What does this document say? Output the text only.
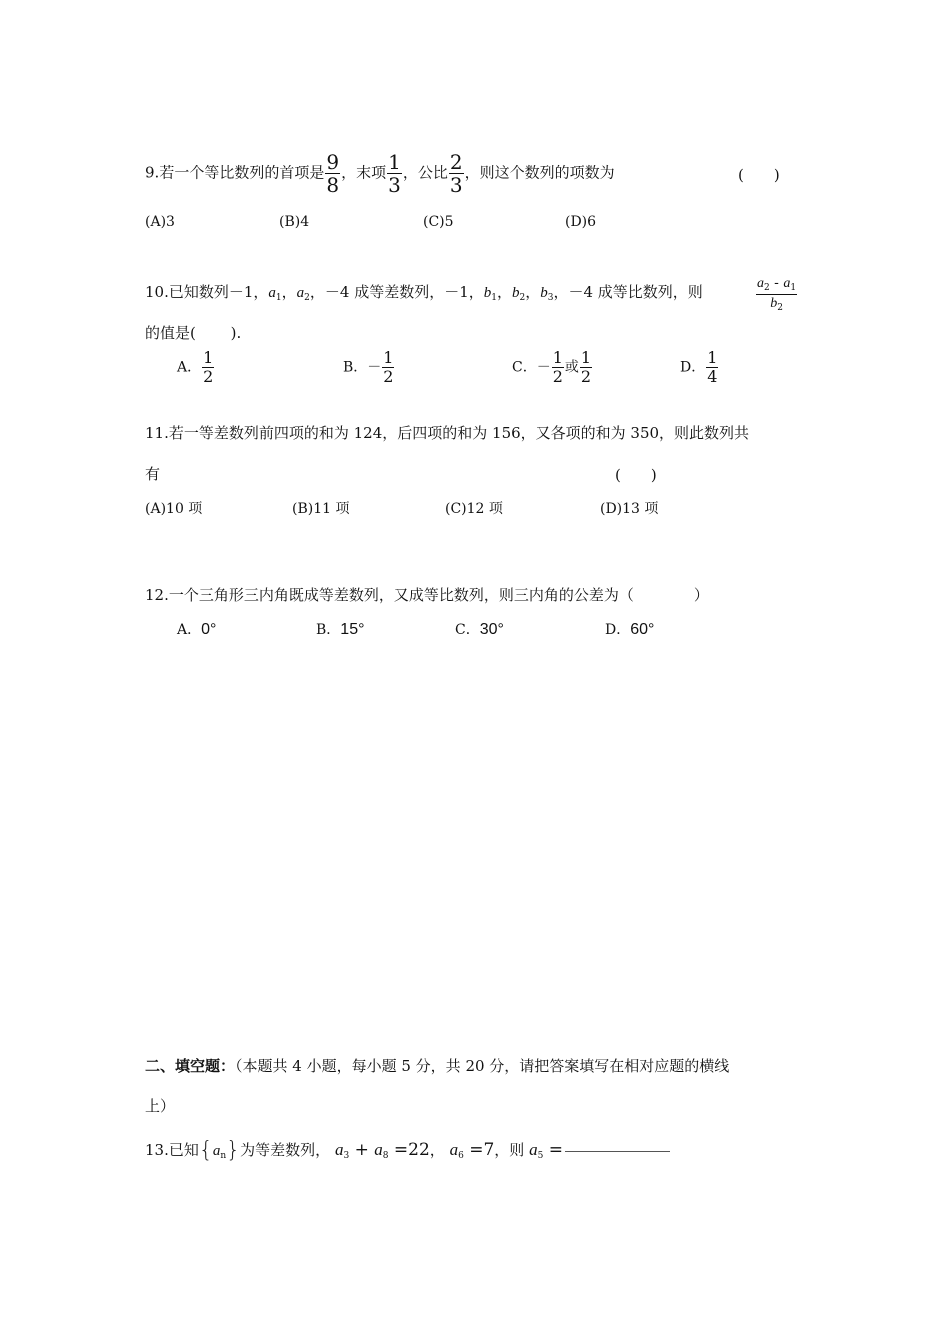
9.若一个等比数列的首项是 $\frac{9}{8}$ ，末项 $\frac{1}{3}$ ，公比 $\frac{2}{3}$ ，则这个数列的项数为	(　　)
(A)3	(B)4	(C)5	(D)6
10.已知数列－1，$a_1$，$a_2$，－4 成等差数列，－1，$b_1$，$b_2$，$b_3$，－4 成等比数列，则	$\frac{a_2 - a_1}{b_2}$
的值是(　　 ).
A． $\frac{1}{2}$	B．－ $\frac{1}{2}$	C．－ $\frac{1}{2}$ 或 $\frac{1}{2}$	D． $\frac{1}{4}$
11.若一等差数列前四项的和为 124，后四项的和为 156，又各项的和为 350，则此数列共
有	(　　)
(A)10 项	(B)11 项	(C)12 项	(D)13 项
12.一个三角形三内角既成等差数列，又成等比数列，则三内角的公差为（　　　　）
A．0°	B．15°	C．30°	D．60°
二、填空题：（本题共 4 小题，每小题 5 分，共 20 分，请把答案填写在相对应题的横线
上）
13.已知$\{a_n\}$为等差数列， $a_3 + a_8 =22$， $a_6 =7$，则 $a_5$ =
